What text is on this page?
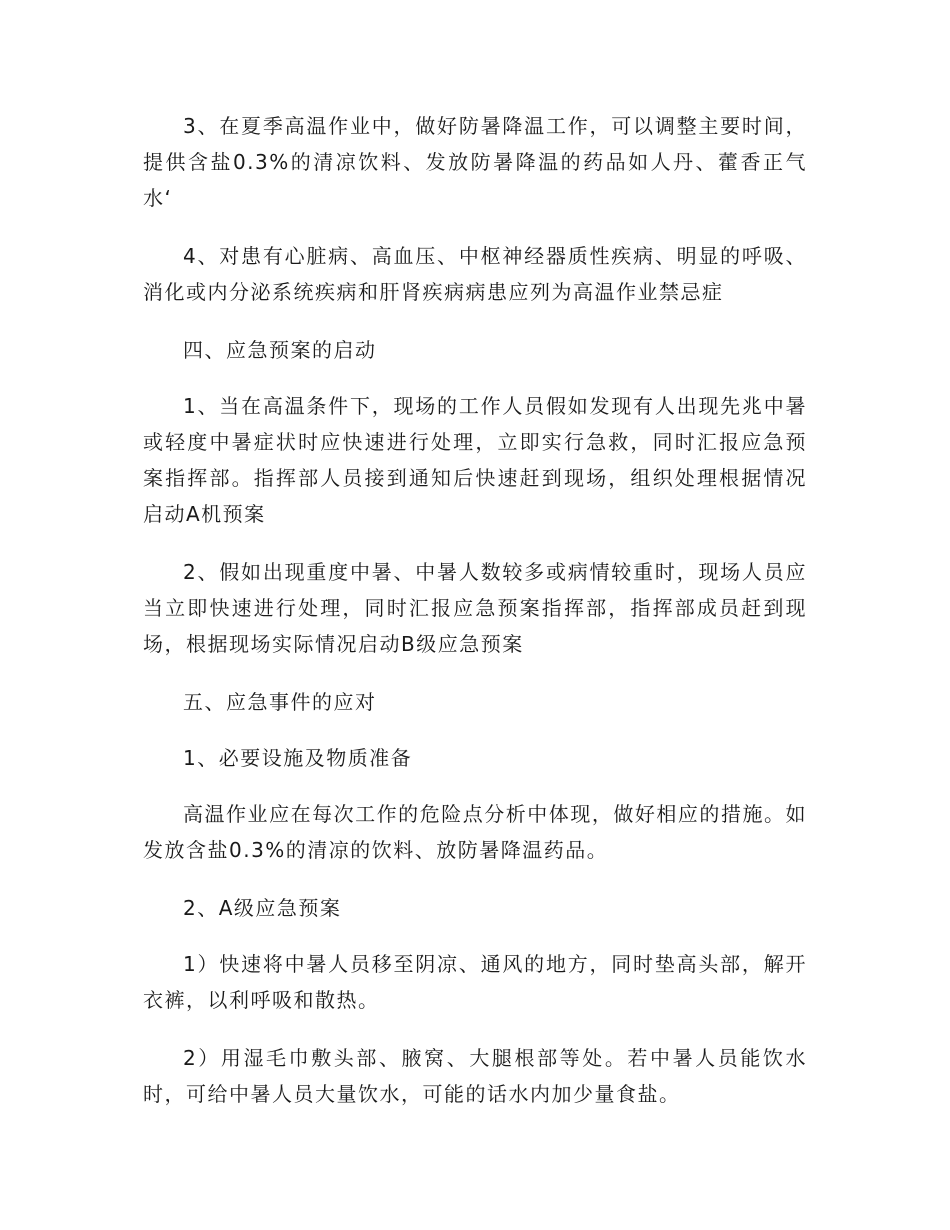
3、在夏季高温作业中，做好防暑降温工作，可以调整主要时间，提供含盐0.3%的清凉饮料、发放防暑降温的药品如人丹、藿香正气水‘

4、对患有心脏病、高血压、中枢神经器质性疾病、明显的呼吸、消化或内分泌系统疾病和肝肾疾病病患应列为高温作业禁忌症

四、应急预案的启动

1、当在高温条件下，现场的工作人员假如发现有人出现先兆中暑或轻度中暑症状时应快速进行处理，立即实行急救，同时汇报应急预案指挥部。指挥部人员接到通知后快速赶到现场，组织处理根据情况启动A机预案

2、假如出现重度中暑、中暑人数较多或病情较重时，现场人员应当立即快速进行处理，同时汇报应急预案指挥部，指挥部成员赶到现场，根据现场实际情况启动B级应急预案

五、应急事件的应对

1、必要设施及物质准备

高温作业应在每次工作的危险点分析中体现，做好相应的措施。如发放含盐0.3%的清凉的饮料、放防暑降温药品。

2、A级应急预案

1）快速将中暑人员移至阴凉、通风的地方，同时垫高头部，解开衣裤，以利呼吸和散热。

2）用湿毛巾敷头部、腋窝、大腿根部等处。若中暑人员能饮水时，可给中暑人员大量饮水，可能的话水内加少量食盐。
